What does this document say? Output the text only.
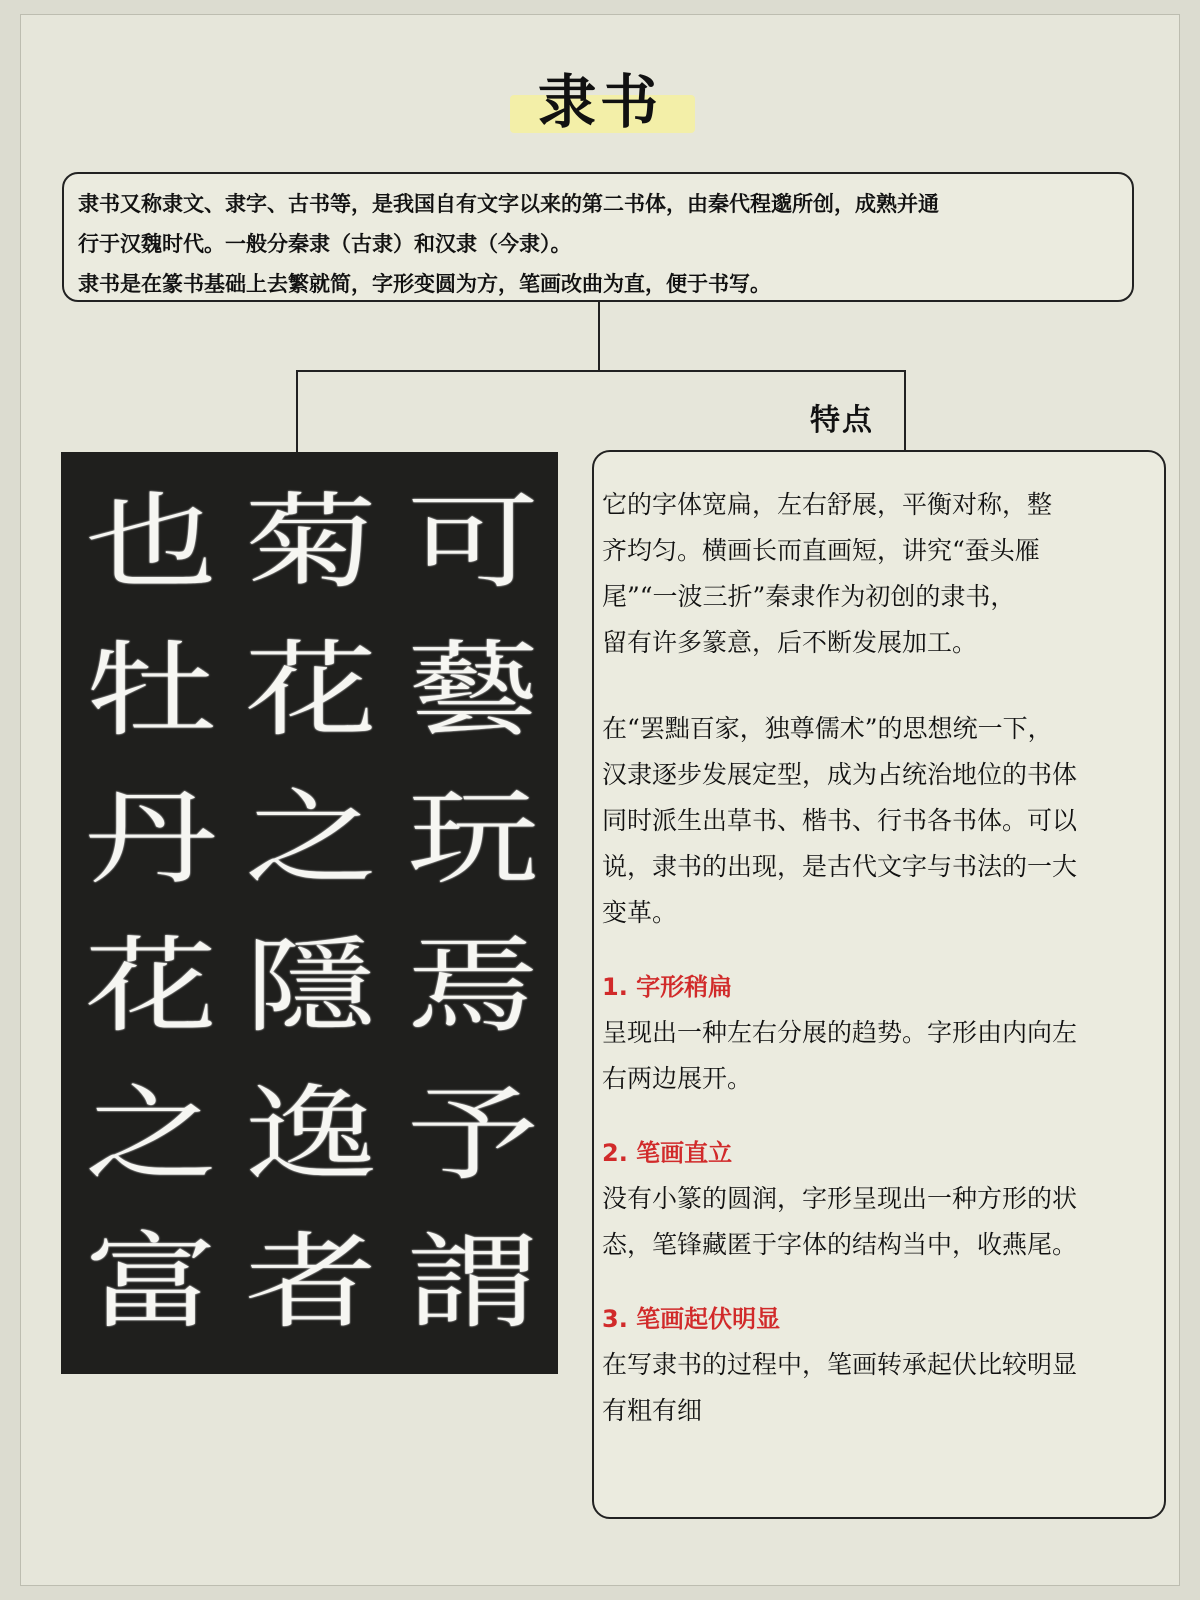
隶书

隶书又称隶文、隶字、古书等，是我国自有文字以来的第二书体，由秦代程邈所创，成熟并通

行于汉魏时代。一般分秦隶（古隶）和汉隶（今隶）。

隶书是在篆书基础上去繁就简，字形变圆为方，笔画改曲为直，便于书写。

特点
可
藝
玩
焉
予
謂
菊
花
之
隱
逸
者
也
牡
丹
花
之
富

它的字体宽扁，左右舒展，平衡对称，整

齐均匀。横画长而直画短，讲究“蚕头雁

尾”“一波三折”秦隶作为初创的隶书，

留有许多篆意，后不断发展加工。

在“罢黜百家，独尊儒术”的思想统一下，

汉隶逐步发展定型，成为占统治地位的书体

同时派生出草书、楷书、行书各书体。可以

说，隶书的出现，是古代文字与书法的一大

变革。

1. 字形稍扁

呈现出一种左右分展的趋势。字形由内向左

右两边展开。

2. 笔画直立

没有小篆的圆润，字形呈现出一种方形的状

态，笔锋藏匿于字体的结构当中，收燕尾。

3. 笔画起伏明显

在写隶书的过程中，笔画转承起伏比较明显

有粗有细
